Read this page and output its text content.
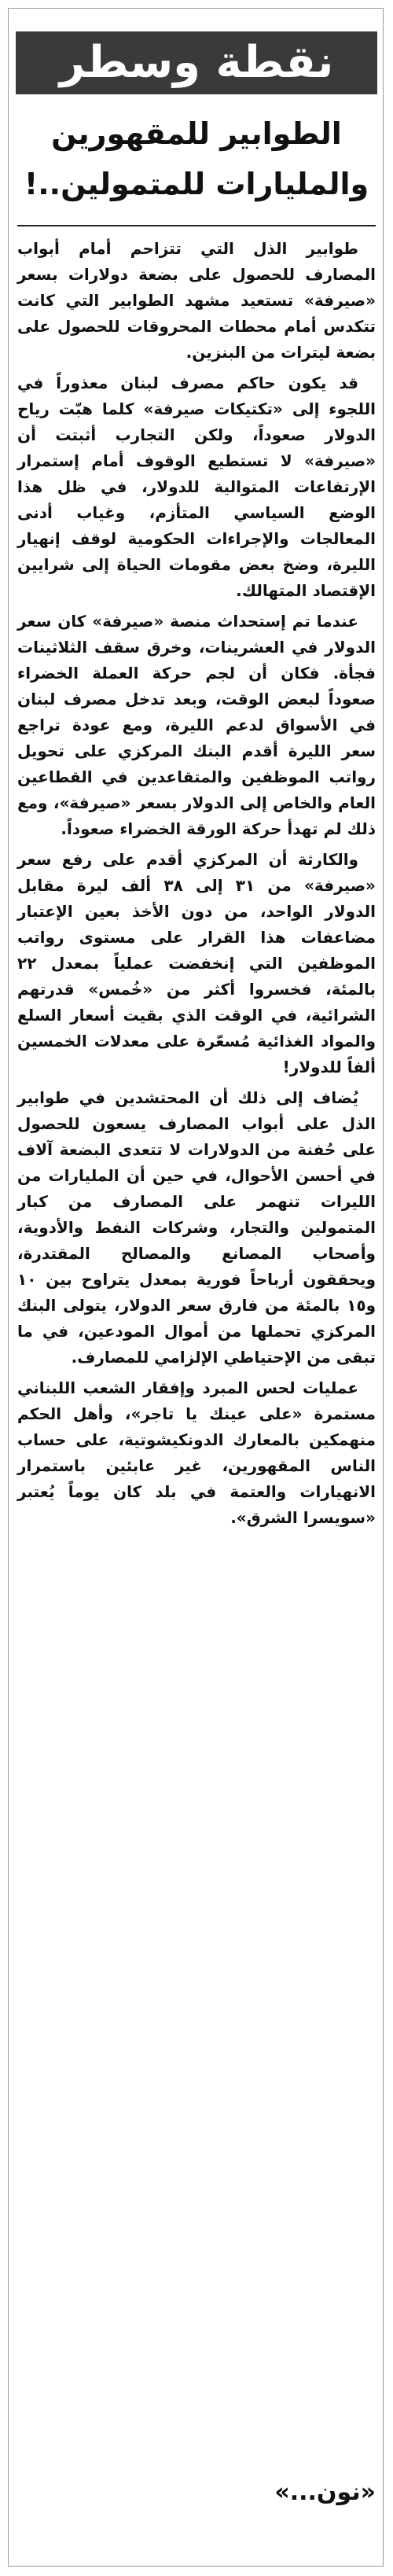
نقطة وسطر
الطوابير للمقهورين
والمليارات للمتمولين..!

طوابير الذل التي تتزاحم أمام أبواب المصارف للحصول على بضعة دولارات بسعر «صيرفة» تستعيد مشهد الطوابير التي كانت تتكدس أمام محطات المحروقات للحصول على بضعة ليترات من البنزين.

قد يكون حاكم مصرف لبنان معذوراً في اللجوء إلى «تكتيكات صيرفة» كلما هبّت رياح الدولار صعوداً، ولكن التجارب أثبتت أن «صيرفة» لا تستطيع الوقوف أمام إستمرار الإرتفاعات المتوالية للدولار، في ظل هذا الوضع السياسي المتأزم، وغياب أدنى المعالجات والإجراءات الحكومية لوقف إنهيار الليرة، وضخ بعض مقومات الحياة إلى شرايين الإقتصاد المتهالك.

عندما تم إستحداث منصة «صيرفة» كان سعر الدولار في العشرينات، وخرق سقف الثلاثينات فجأة. فكان أن لجم حركة العملة الخضراء صعوداً لبعض الوقت، وبعد تدخل مصرف لبنان في الأسواق لدعم الليرة، ومع عودة تراجع سعر الليرة أقدم البنك المركزي على تحويل رواتب الموظفين والمتقاعدين في القطاعين العام والخاص إلى الدولار بسعر «صيرفة»، ومع ذلك لم تهدأ حركة الورقة الخضراء صعوداً.

والكارثة أن المركزي أقدم على رفع سعر «صيرفة» من ٣١ إلى ٣٨ ألف ليرة مقابل الدولار الواحد، من دون الأخذ بعين الإعتبار مضاعفات هذا القرار على مستوى رواتب الموظفين التي إنخفضت عملياً بمعدل ٢٢ بالمئة، فخسروا أكثر من «خُمس» قدرتهم الشرائية، في الوقت الذي بقيت أسعار السلع والمواد الغذائية مُسعّرة على معدلات الخمسين ألفاً للدولار!

يُضاف إلى ذلك أن المحتشدين في طوابير الذل على أبواب المصارف يسعون للحصول على حُفنة من الدولارات لا تتعدى البضعة آلاف في أحسن الأحوال، في حين أن المليارات من الليرات تنهمر على المصارف من كبار المتمولين والتجار، وشركات النفط والأدوية، وأصحاب المصانع والمصالح المقتدرة، ويحققون أرباحاً فورية بمعدل يتراوح بين ١٠ و١٥ بالمئة من فارق سعر الدولار، يتولى البنك المركزي تحملها من أموال المودعين، في ما تبقى من الإحتياطي الإلزامي للمصارف.

عمليات لحس المبرد وإفقار الشعب اللبناني مستمرة «على عينك يا تاجر»، وأهل الحكم منهمكين بالمعارك الدونكيشوتية، على حساب الناس المقهورين، غير عابئين باستمرار الانهيارات والعتمة في بلد كان يوماً يُعتبر «سويسرا الشرق».

«نون...»
